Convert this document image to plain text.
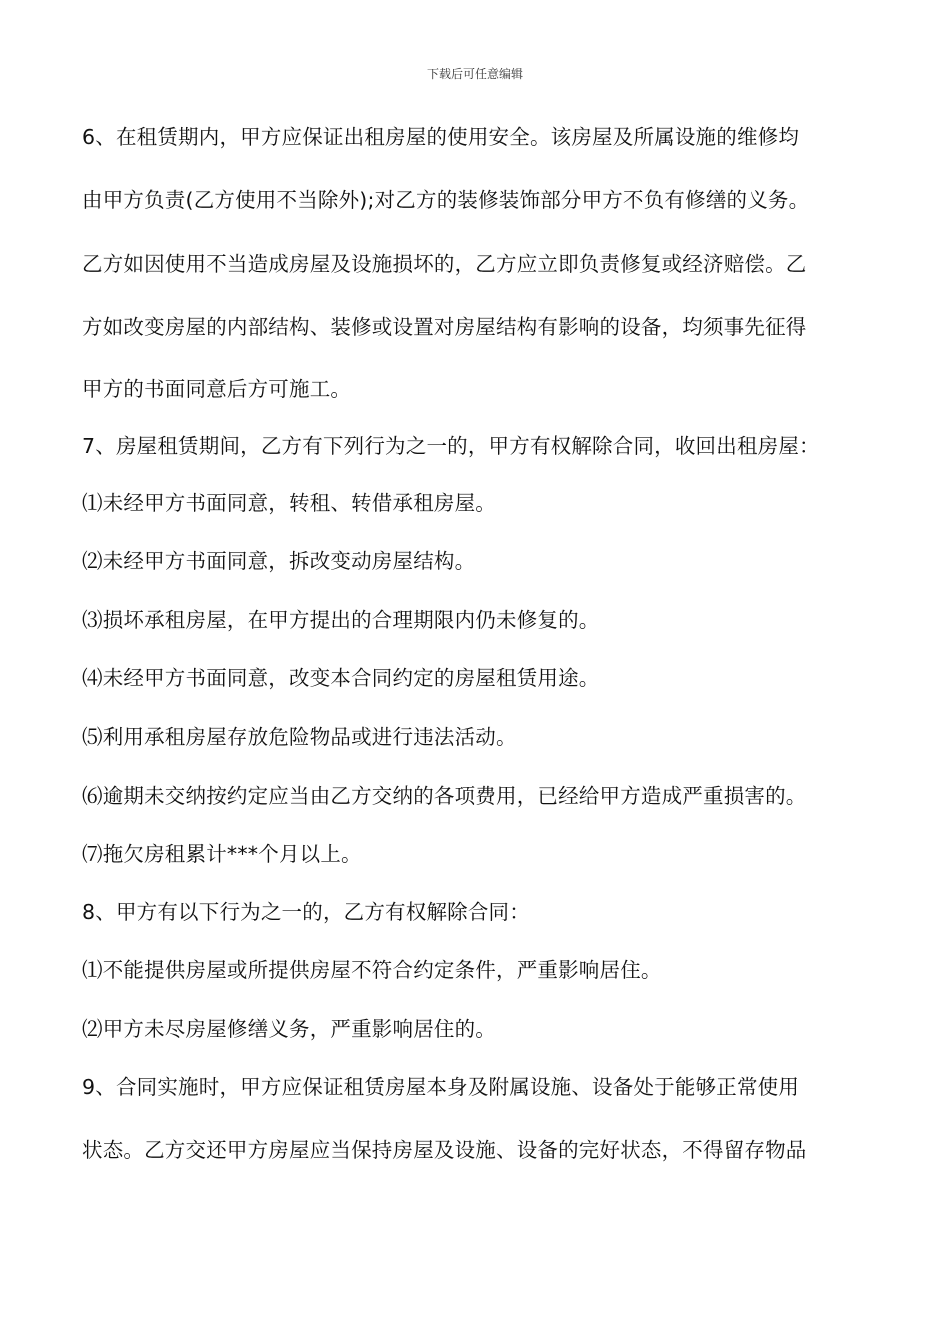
下载后可任意编辑
6、在租赁期内，甲方应保证出租房屋的使用安全。该房屋及所属设施的维修均
由甲方负责(乙方使用不当除外);对乙方的装修装饰部分甲方不负有修缮的义务。
乙方如因使用不当造成房屋及设施损坏的，乙方应立即负责修复或经济赔偿。乙
方如改变房屋的内部结构、装修或设置对房屋结构有影响的设备，均须事先征得
甲方的书面同意后方可施工。
7、房屋租赁期间，乙方有下列行为之一的，甲方有权解除合同，收回出租房屋：
⑴未经甲方书面同意，转租、转借承租房屋。
⑵未经甲方书面同意，拆改变动房屋结构。
⑶损坏承租房屋，在甲方提出的合理期限内仍未修复的。
⑷未经甲方书面同意，改变本合同约定的房屋租赁用途。
⑸利用承租房屋存放危险物品或进行违法活动。
⑹逾期未交纳按约定应当由乙方交纳的各项费用，已经给甲方造成严重损害的。
⑺拖欠房租累计***个月以上。
8、甲方有以下行为之一的，乙方有权解除合同：
⑴不能提供房屋或所提供房屋不符合约定条件，严重影响居住。
⑵甲方未尽房屋修缮义务，严重影响居住的。
9、合同实施时，甲方应保证租赁房屋本身及附属设施、设备处于能够正常使用
状态。乙方交还甲方房屋应当保持房屋及设施、设备的完好状态，不得留存物品
